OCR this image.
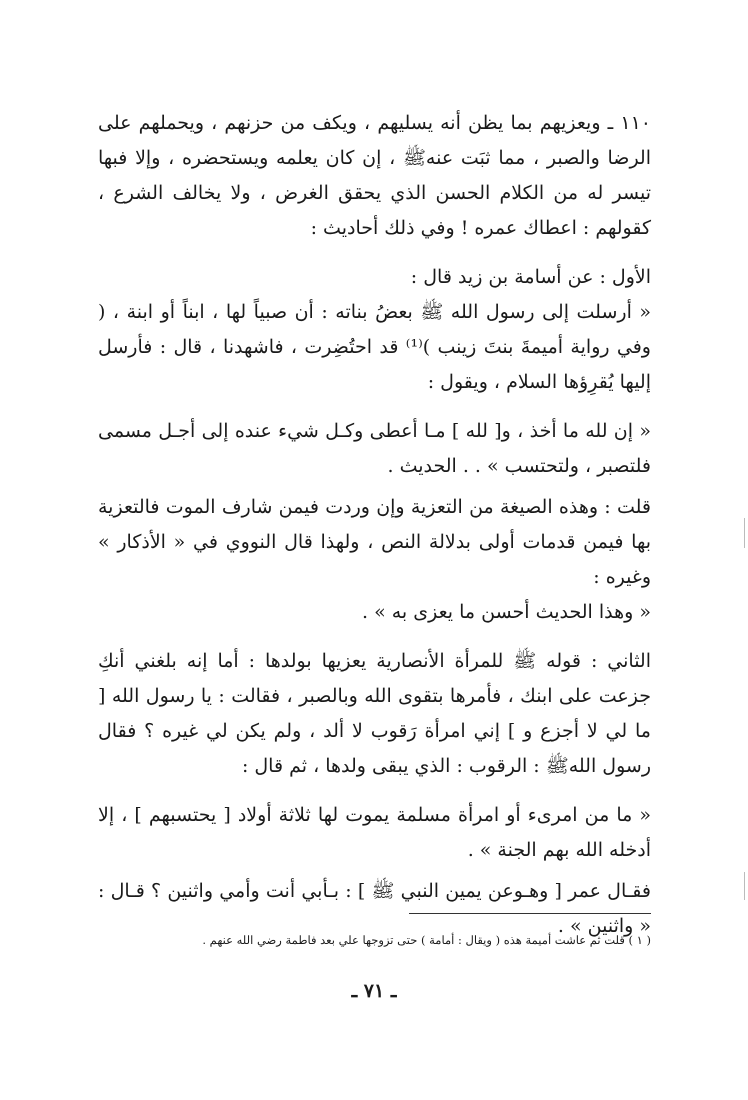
١١٠ ـ ويعزيهم بما يظن أنه يسليهم ، ويكف من حزنهم ، ويحملهم على الرضا والصبر ، مما ثبَت عنهﷺ ، إن كان يعلمه ويستحضره ، وإلا فبها تيسر له من الكلام الحسن الذي يحقق الغرض ، ولا يخالف الشرع ، كقولهم : اعطاك عمره ! وفي ذلك أحاديث :

الأول : عن أسامة بن زيد قال :

« أرسلت إلى رسول الله ﷺ بعضُ بناته : أن صبياً لها ، ابناً أو ابنة ، ( وفي رواية أميمةَ بنتَ زينب )⁽¹⁾ قد احتُضِرت ، فاشهدنا ، قال : فأرسل إليها يُقرِؤها السلام ، ويقول :

« إن لله ما أخذ ، و[ لله ] مـا أعطى وكـل شيء عنده إلى أجـل مسمى فلتصبر ، ولتحتسب » . . الحديث .

قلت : وهذه الصيغة من التعزية وإن وردت فيمن شارف الموت فالتعزية بها فيمن قدمات أولى بدلالة النص ، ولهذا قال النووي في « الأذكار » وغيره :

« وهذا الحديث أحسن ما يعزى به » .

الثاني : قوله ﷺ للمرأة الأنصارية يعزيها بولدها : أما إنه بلغني أنكِ جزعت على ابنك ، فأمرها بتقوى الله وبالصبر ، فقالت : يا رسول الله [ ما لي لا أجزع و ] إني امرأة رَقوب لا ألد ، ولم يكن لي غيره ؟ فقال رسول اللهﷺ : الرقوب : الذي يبقى ولدها ، ثم قال :

« ما من امرىء أو امرأة مسلمة يموت لها ثلاثة أولاد [ يحتسبهم ] ، إلا أدخله الله بهم الجنة » .

فقـال عمر [ وهـوعن يمين النبي ﷺ ] : بـأبي أنت وأمي واثنين ؟ قـال : « واثنين » .

( ١ ) قلت ثم عاشت أميمة هذه ( ويقال : أمامة ) حتى تزوجها علي بعد فاطمة رضي الله عنهم .
ـ ٧١ ـ
